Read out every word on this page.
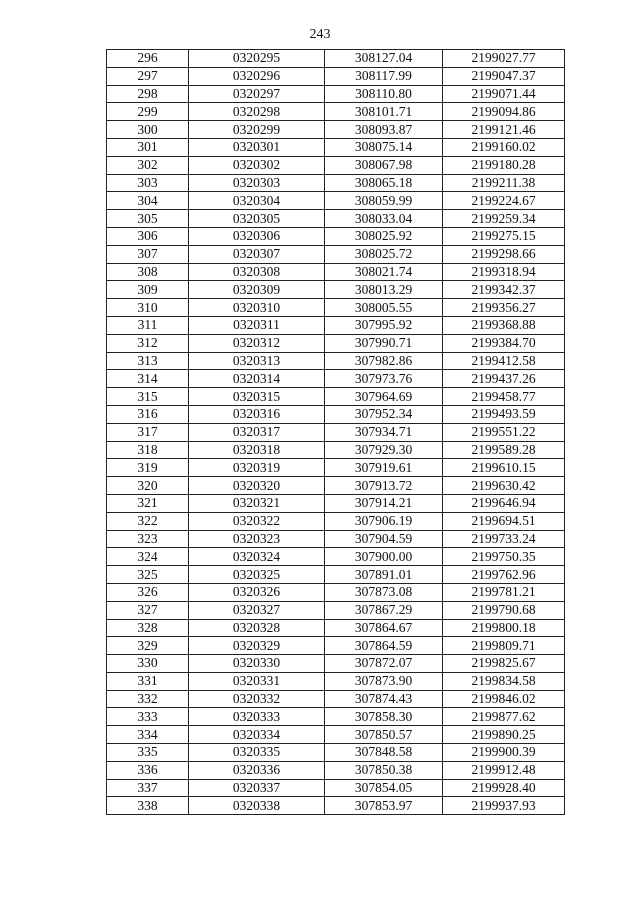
243
296	0320295	308127.04	2199027.77
297	0320296	308117.99	2199047.37
298	0320297	308110.80	2199071.44
299	0320298	308101.71	2199094.86
300	0320299	308093.87	2199121.46
301	0320301	308075.14	2199160.02
302	0320302	308067.98	2199180.28
303	0320303	308065.18	2199211.38
304	0320304	308059.99	2199224.67
305	0320305	308033.04	2199259.34
306	0320306	308025.92	2199275.15
307	0320307	308025.72	2199298.66
308	0320308	308021.74	2199318.94
309	0320309	308013.29	2199342.37
310	0320310	308005.55	2199356.27
311	0320311	307995.92	2199368.88
312	0320312	307990.71	2199384.70
313	0320313	307982.86	2199412.58
314	0320314	307973.76	2199437.26
315	0320315	307964.69	2199458.77
316	0320316	307952.34	2199493.59
317	0320317	307934.71	2199551.22
318	0320318	307929.30	2199589.28
319	0320319	307919.61	2199610.15
320	0320320	307913.72	2199630.42
321	0320321	307914.21	2199646.94
322	0320322	307906.19	2199694.51
323	0320323	307904.59	2199733.24
324	0320324	307900.00	2199750.35
325	0320325	307891.01	2199762.96
326	0320326	307873.08	2199781.21
327	0320327	307867.29	2199790.68
328	0320328	307864.67	2199800.18
329	0320329	307864.59	2199809.71
330	0320330	307872.07	2199825.67
331	0320331	307873.90	2199834.58
332	0320332	307874.43	2199846.02
333	0320333	307858.30	2199877.62
334	0320334	307850.57	2199890.25
335	0320335	307848.58	2199900.39
336	0320336	307850.38	2199912.48
337	0320337	307854.05	2199928.40
338	0320338	307853.97	2199937.93
